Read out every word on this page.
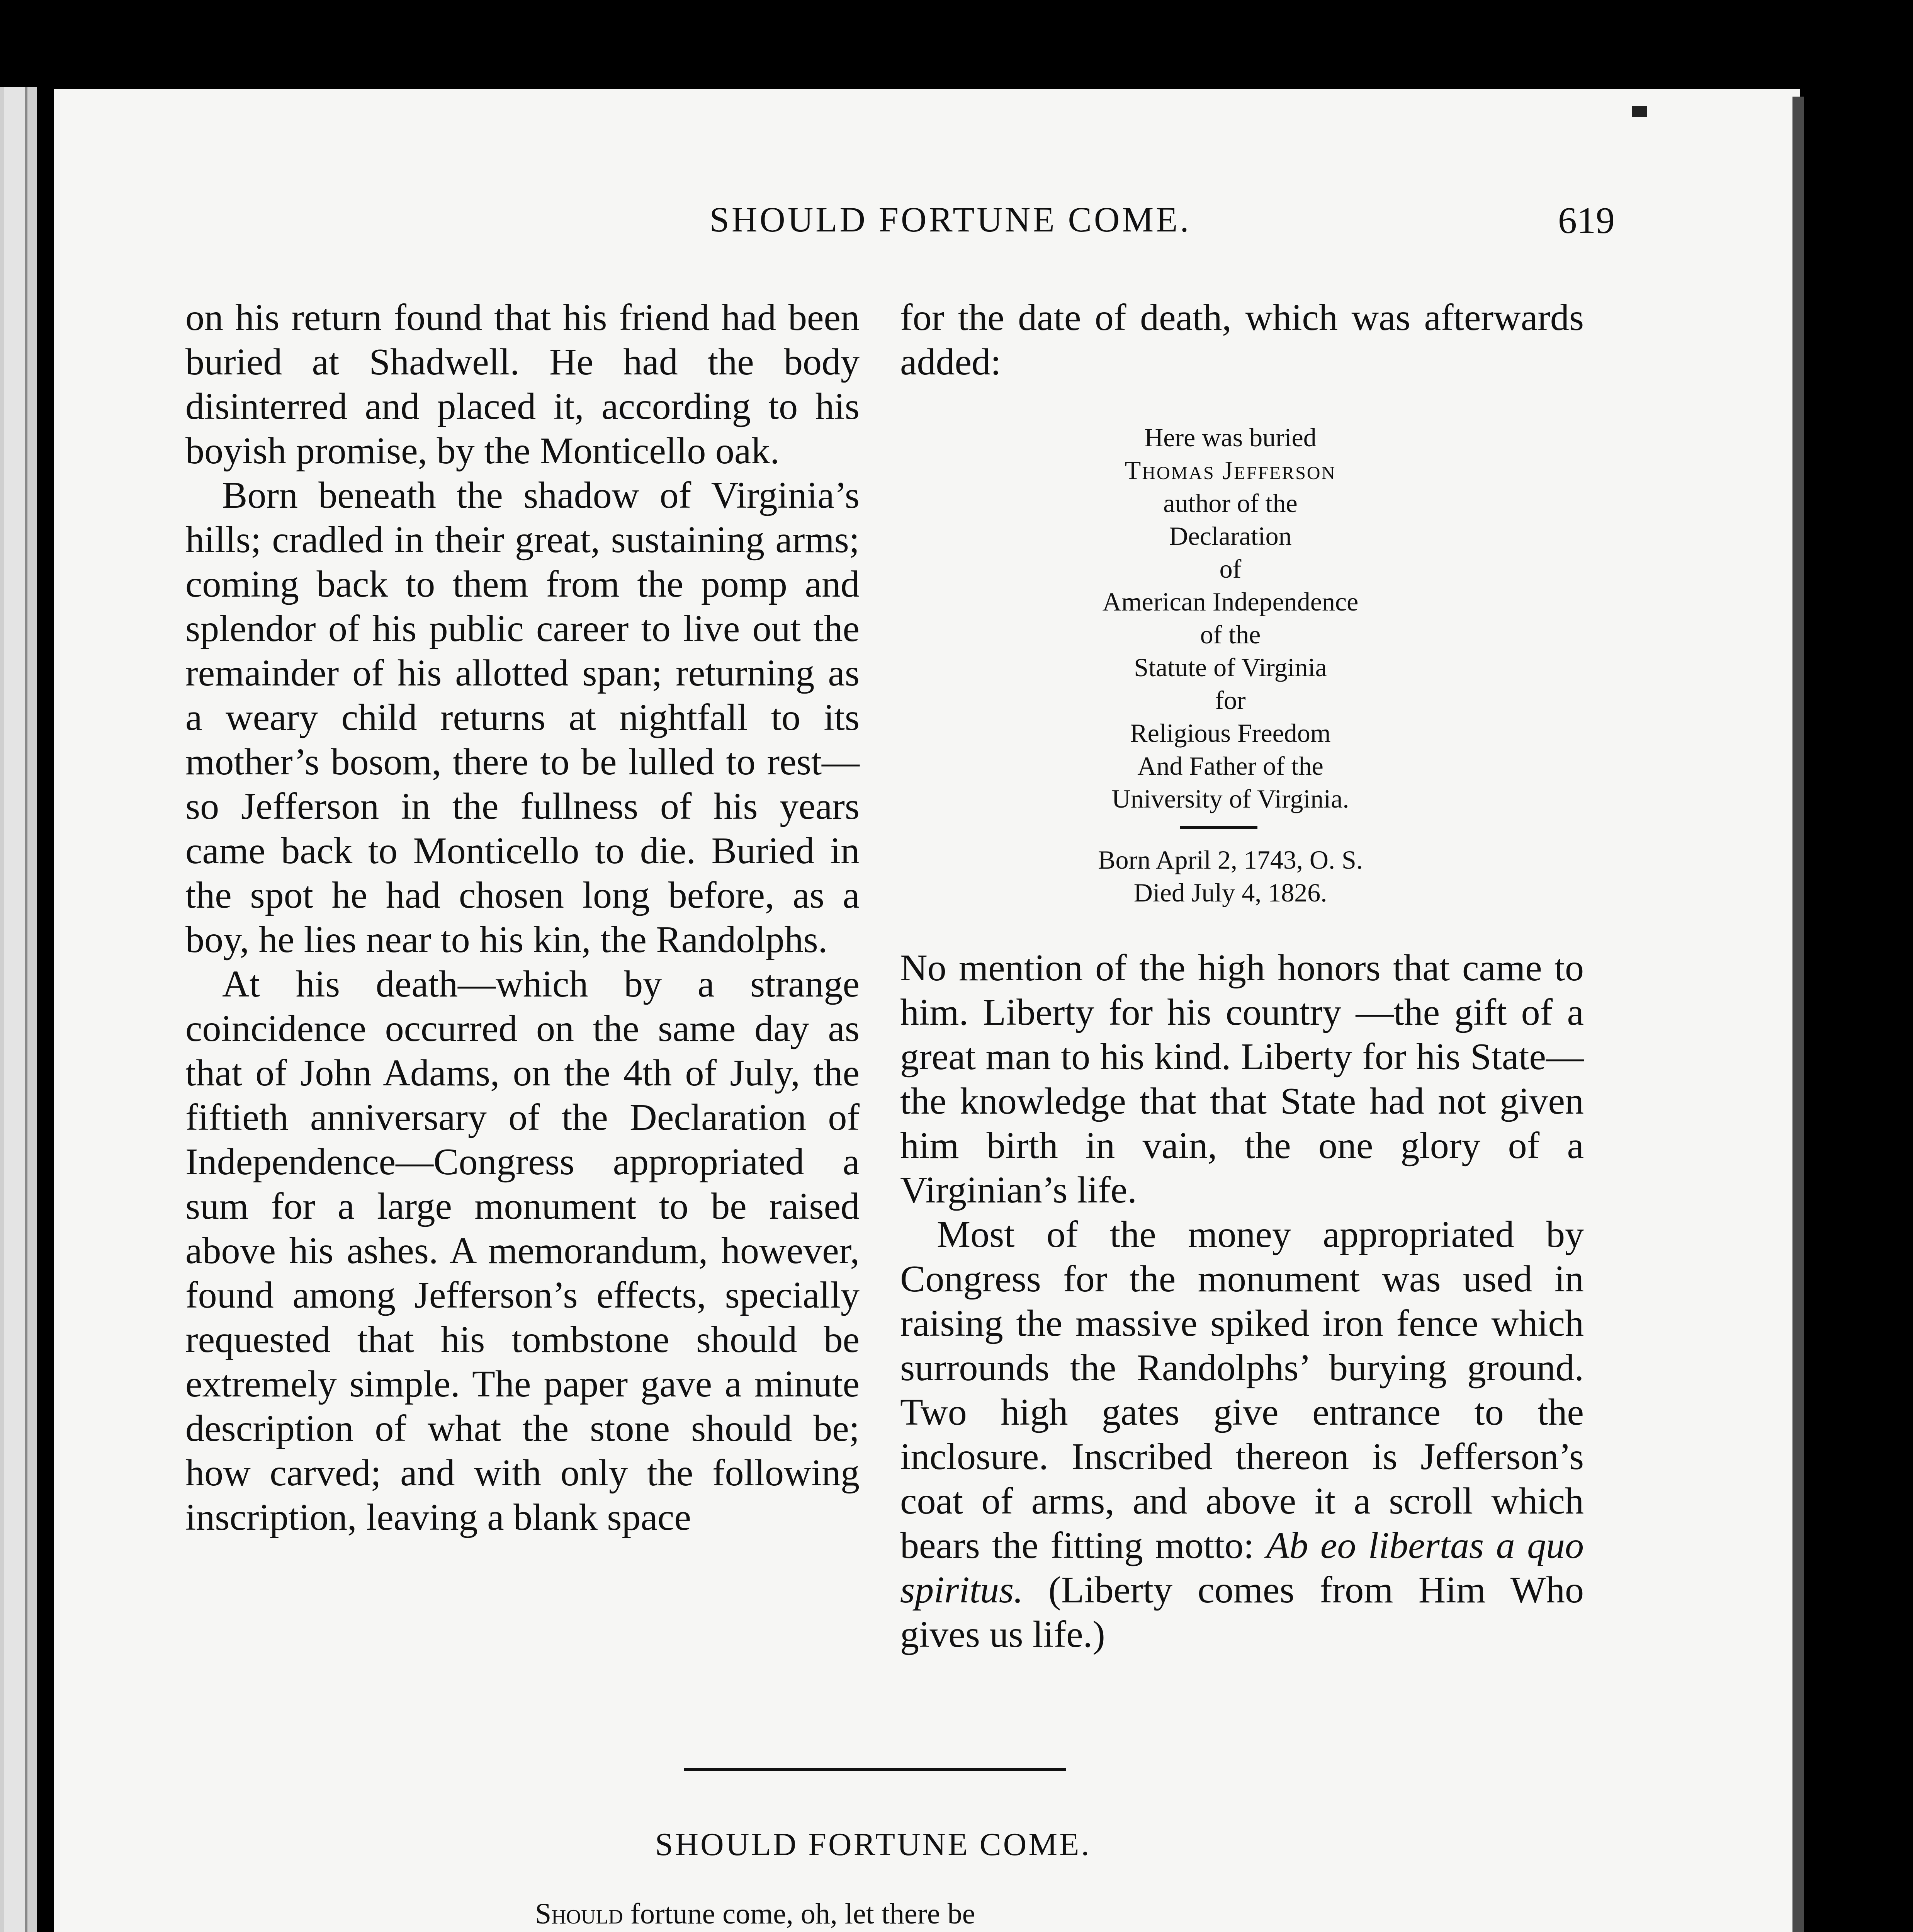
SHOULD FORTUNE COME.	619

on his return found that his friend had been buried at Shadwell. He had the body disinterred and placed it, according to his boyish promise, by the Monticello oak.

Born beneath the shadow of Virginia’s hills; cradled in their great, sustaining arms; coming back to them from the pomp and splendor of his public career to live out the remainder of his allotted span; returning as a weary child returns at nightfall to its mother’s bosom, there to be lulled to rest—so Jefferson in the fullness of his years came back to Monticello to die. Buried in the spot he had chosen long before, as a boy, he lies near to his kin, the Randolphs.

At his death—which by a strange coincidence occurred on the same day as that of John Adams, on the 4th of July, the fiftieth anniversary of the Declaration of Independence—Congress appropriated a sum for a large monument to be raised above his ashes. A memorandum, however, found among Jefferson’s effects, specially requested that his tombstone should be extremely simple. The paper gave a minute description of what the stone should be; how carved; and with only the following inscription, leaving a blank space

for the date of death, which was afterwards added:

Here was buried
Thomas Jefferson
author of the
Declaration
of
American Independence
of the
Statute of Virginia
for
Religious Freedom
And Father of the
University of Virginia.
Born April 2, 1743, O. S.
Died July 4, 1826.

No mention of the high honors that came to him. Liberty for his country —the gift of a great man to his kind. Liberty for his State—the knowledge that that State had not given him birth in vain, the one glory of a Virginian’s life.

Most of the money appropriated by Congress for the monument was used in raising the massive spiked iron fence which surrounds the Randolphs’ burying ground. Two high gates give entrance to the inclosure. Inscribed thereon is Jefferson’s coat of arms, and above it a scroll which bears the fitting motto: Ab eo libertas a quo spiritus. (Liberty comes from Him Who gives us life.)

SHOULD FORTUNE COME.
Should fortune come, oh, let there be
